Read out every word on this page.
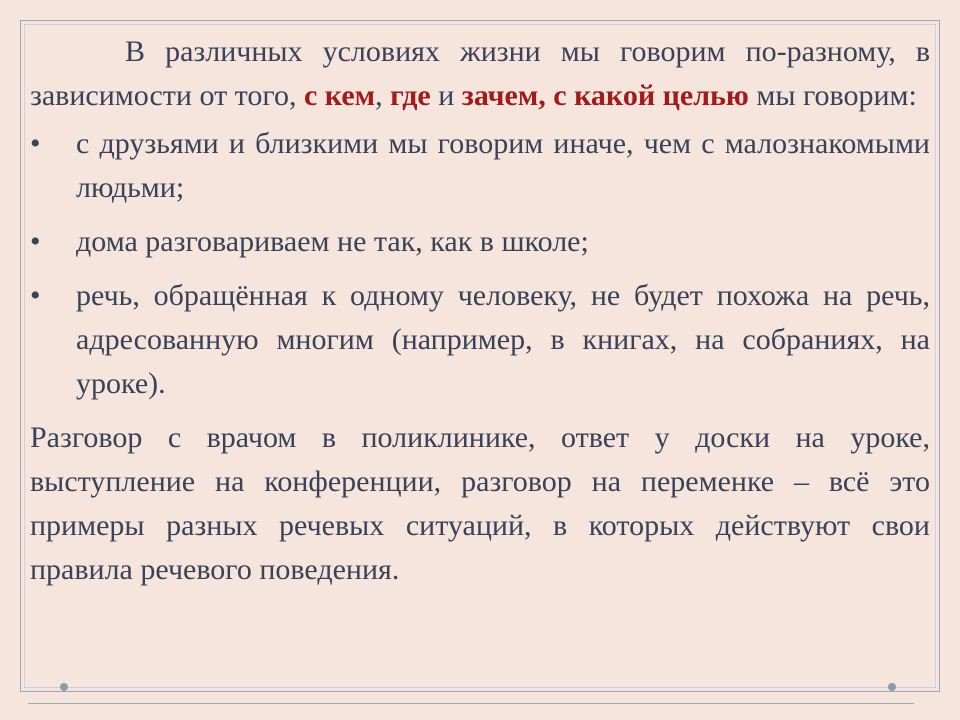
В различных условиях жизни мы говорим по-разному, в зависимости от того, с кем, где и зачем, с какой целью мы говорим:

•	с друзьями и близкими мы говорим иначе, чем с малознакомыми людьми;
•	дома разговариваем не так, как в школе;
•	речь, обращённая к одному человеку, не будет похожа на речь, адресованную многим (например, в книгах, на собраниях, на уроке).

Разговор с врачом в поликлинике, ответ у доски на уроке, выступление на конференции, разговор на переменке – всё это примеры разных речевых ситуаций, в которых действуют свои правила речевого поведения.
